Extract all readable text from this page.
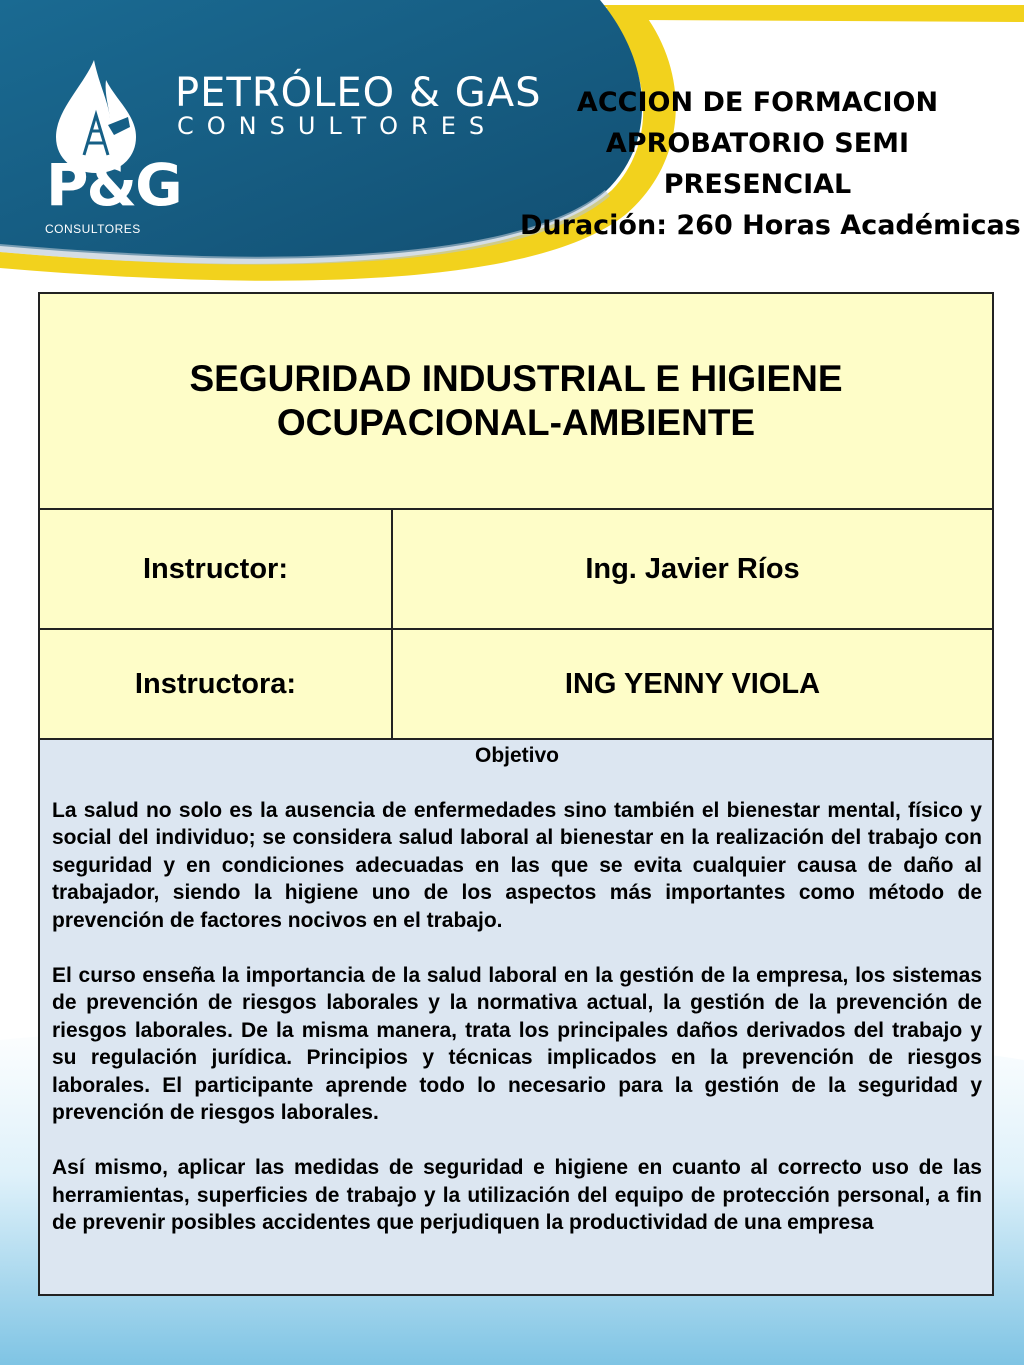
P&G

CONSULTORES
PETRÓLEO & GAS
CONSULTORES
ACCION DE FORMACION
APROBATORIO SEMI
PRESENCIAL
Duración: 260 Horas Académicas
SEGURIDAD INDUSTRIAL E HIGIENE OCUPACIONAL-AMBIENTE
Instructor:	Ing. Javier Ríos
Instructora:	ING YENNY VIOLA

Objetivo

La salud no solo es la ausencia de enfermedades sino también el bienestar mental, físico y social del individuo; se considera salud laboral al bienestar en la realización del trabajo con seguridad y en condiciones adecuadas en las que se evita cualquier causa de daño al trabajador, siendo la higiene uno de los aspectos más importantes como método de prevención de factores nocivos en el trabajo.

El curso enseña la importancia de la salud laboral en la gestión de la empresa, los sistemas de prevención de riesgos laborales y la normativa actual, la gestión de la prevención de riesgos laborales. De la misma manera, trata los principales daños derivados del trabajo y su regulación jurídica. Principios y técnicas implicados en la prevención de riesgos laborales. El participante aprende todo lo necesario para la gestión de la seguridad y prevención de riesgos laborales.

Así mismo, aplicar las medidas de seguridad e higiene en cuanto al correcto uso de las herramientas, superficies de trabajo y la utilización del equipo de protección personal, a fin de prevenir posibles accidentes que perjudiquen la productividad de una empresa
